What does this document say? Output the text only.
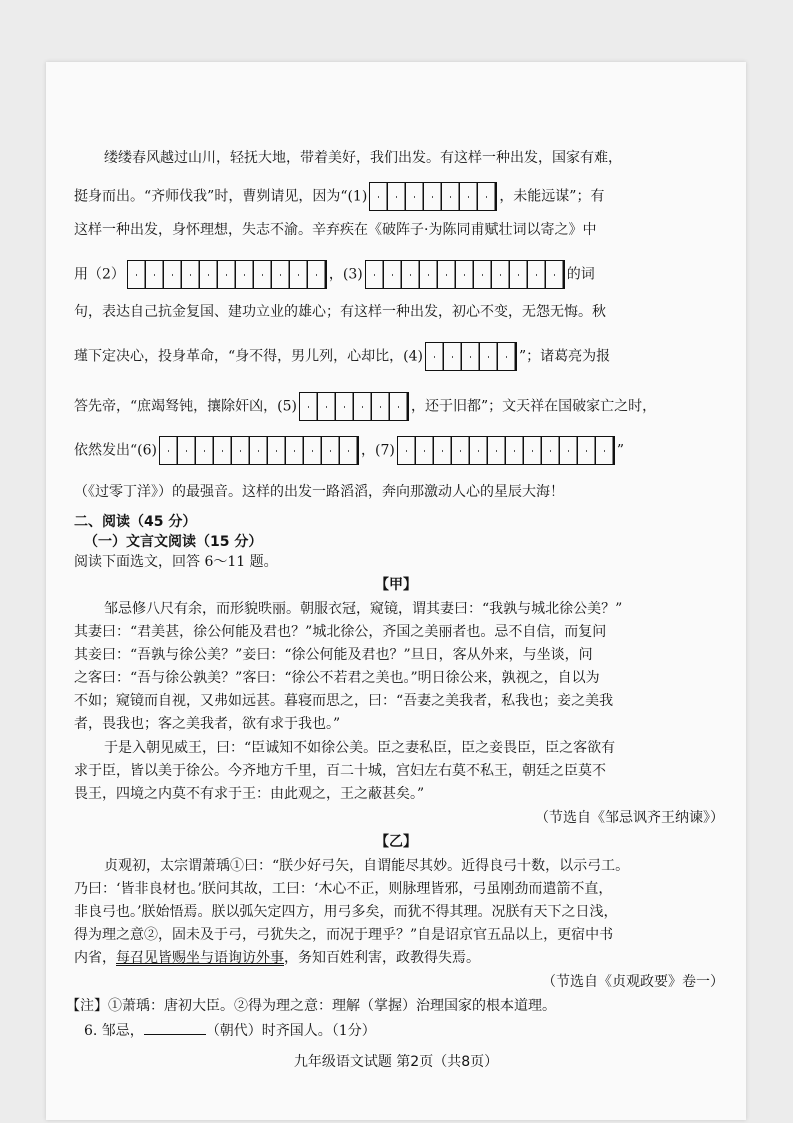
缕缕春风越过山川，轻抚大地，带着美好，我们出发。有这样一种出发，国家有难，
挺身而出。“齐师伐我”时，曹刿请见，因为“(1)	，未能远谋”；有
这样一种出发，身怀理想，失志不渝。辛弃疾在《破阵子·为陈同甫赋壮词以寄之》中
用（2）	，(3)	的词
句，表达自己抗金复国、建功立业的雄心；有这样一种出发，初心不变，无怨无悔。秋
瑾下定决心，投身革命，“身不得，男儿列，心却比，(4)	”；诸葛亮为报
答先帝，“庶竭驽钝，攘除奸凶，(5)	，还于旧都”；文天祥在国破家亡之时，
依然发出“(6)	，(7)	”
（《过零丁洋》）的最强音。这样的出发一路滔滔，奔向那激动人心的星辰大海！
二、阅读（45 分）
（一）文言文阅读（15 分）
阅读下面选文，回答 6～11 题。
【甲】
邹忌修八尺有余，而形貌昳丽。朝服衣冠，窥镜，谓其妻曰：“我孰与城北徐公美？”
其妻曰：“君美甚，徐公何能及君也？”城北徐公，齐国之美丽者也。忌不自信，而复问
其妾曰：“吾孰与徐公美？”妾曰：“徐公何能及君也？”旦日，客从外来，与坐谈，问
之客曰：“吾与徐公孰美？”客曰：“徐公不若君之美也。”明日徐公来，孰视之，自以为
不如；窥镜而自视，又弗如远甚。暮寝而思之，曰：“吾妻之美我者，私我也；妾之美我
者，畏我也；客之美我者，欲有求于我也。”
于是入朝见威王，曰：“臣诚知不如徐公美。臣之妻私臣，臣之妾畏臣，臣之客欲有
求于臣，皆以美于徐公。今齐地方千里，百二十城，宫妇左右莫不私王，朝廷之臣莫不
畏王，四境之内莫不有求于王：由此观之，王之蔽甚矣。”
（节选自《邹忌讽齐王纳谏》）
【乙】
贞观初，太宗谓萧瑀①曰：“朕少好弓矢，自谓能尽其妙。近得良弓十数，以示弓工。
乃曰：‘皆非良材也。’朕问其故，工曰：‘木心不正，则脉理皆邪，弓虽刚劲而遣箭不直，
非良弓也。’朕始悟焉。朕以弧矢定四方，用弓多矣，而犹不得其理。况朕有天下之日浅，
得为理之意②，固未及于弓，弓犹失之，而况于理乎？”自是诏京官五品以上，更宿中书
内省，每召见皆赐坐与语询访外事，务知百姓利害，政教得失焉。
（节选自《贞观政要》卷一）
【注】①萧瑀：唐初大臣。②得为理之意：理解（掌握）治理国家的根本道理。
6. 邹忌，	（朝代）时齐国人。（1分）
九年级语文试题 第2页（共8页）
